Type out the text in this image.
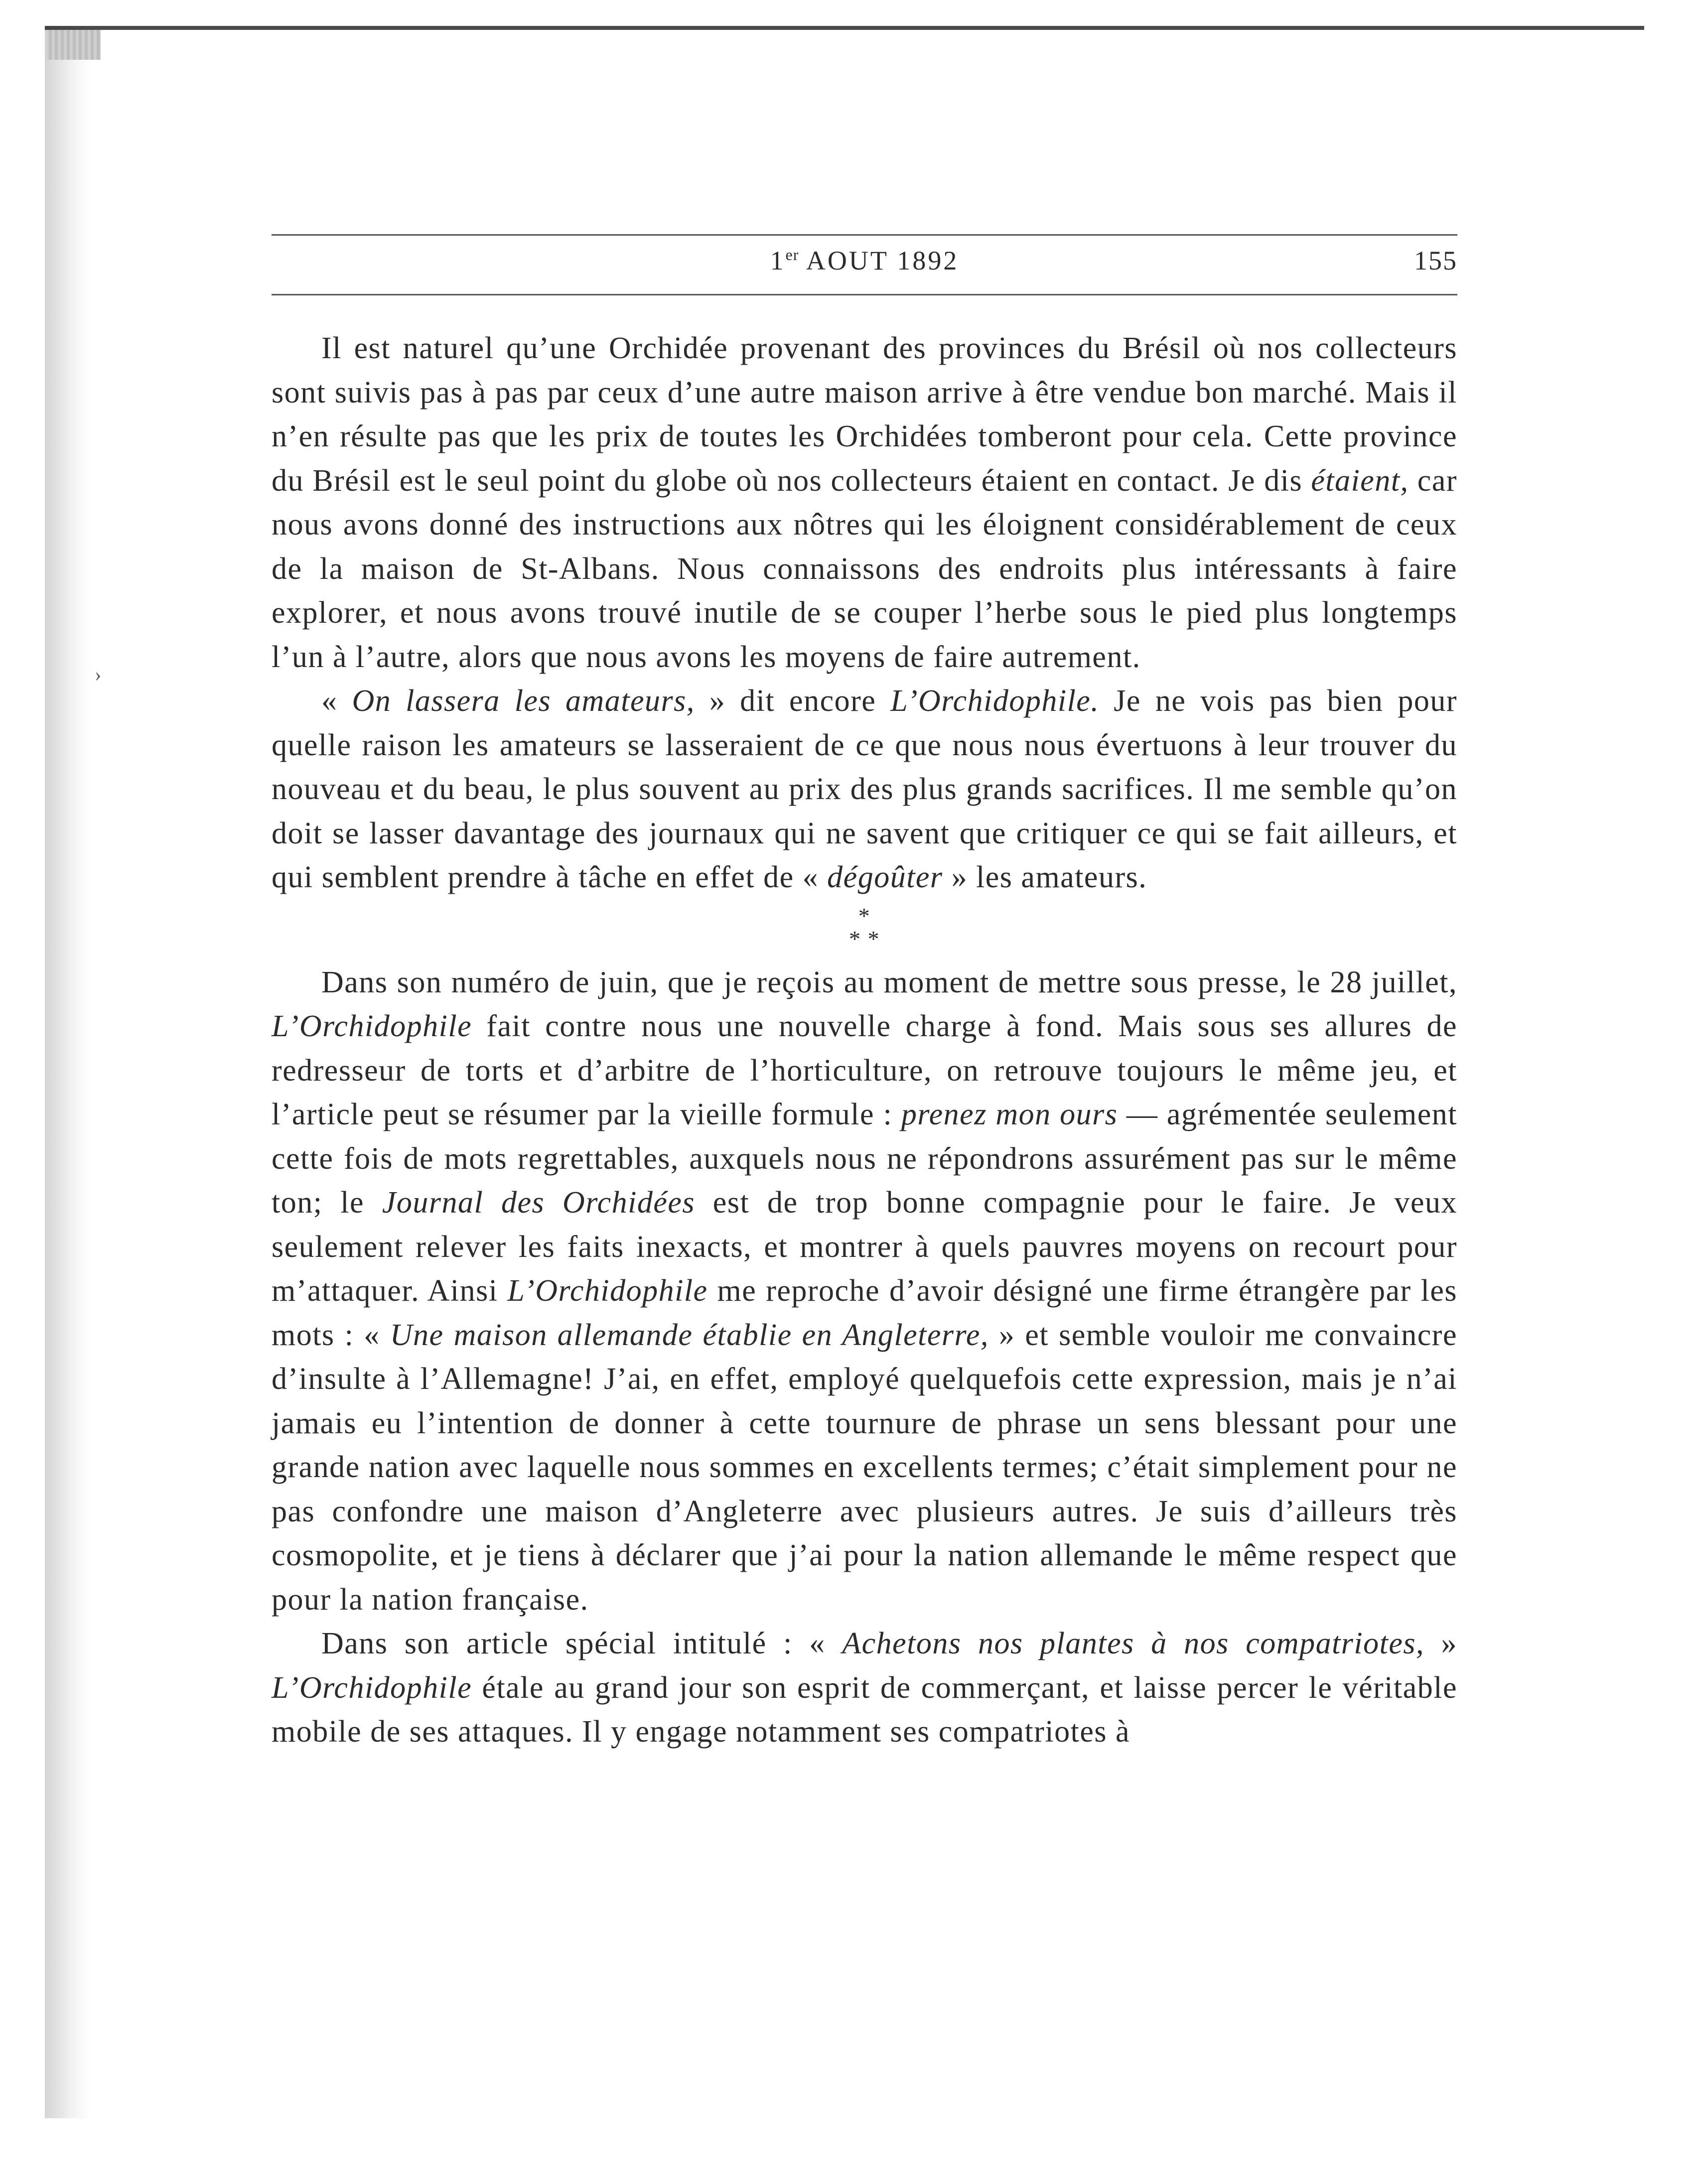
1er AOUT 1892	155

Il est naturel qu’une Orchidée provenant des provinces du Brésil où nos collecteurs sont suivis pas à pas par ceux d’une autre maison arrive à être vendue bon marché. Mais il n’en résulte pas que les prix de toutes les Orchidées tomberont pour cela. Cette province du Brésil est le seul point du globe où nos collecteurs étaient en contact. Je dis étaient, car nous avons donné des instructions aux nôtres qui les éloignent considérablement de ceux de la maison de St-Albans. Nous connaissons des endroits plus intéressants à faire explorer, et nous avons trouvé inutile de se couper l’herbe sous le pied plus longtemps l’un à l’autre, alors que nous avons les moyens de faire autrement.

« On lassera les amateurs, » dit encore L’Orchidophile. Je ne vois pas bien pour quelle raison les amateurs se lasseraient de ce que nous nous évertuons à leur trouver du nouveau et du beau, le plus souvent au prix des plus grands sacrifices. Il me semble qu’on doit se lasser davantage des journaux qui ne savent que critiquer ce qui se fait ailleurs, et qui semblent prendre à tâche en effet de « dégoûter » les amateurs.

*
* *

Dans son numéro de juin, que je reçois au moment de mettre sous presse, le 28 juillet, L’Orchidophile fait contre nous une nouvelle charge à fond. Mais sous ses allures de redresseur de torts et d’arbitre de l’horticulture, on retrouve toujours le même jeu, et l’article peut se résumer par la vieille formule : prenez mon ours — agrémentée seulement cette fois de mots regrettables, auxquels nous ne répondrons assurément pas sur le même ton; le Journal des Orchidées est de trop bonne compagnie pour le faire. Je veux seulement relever les faits inexacts, et montrer à quels pauvres moyens on recourt pour m’attaquer. Ainsi L’Orchidophile me reproche d’avoir désigné une firme étrangère par les mots : « Une maison allemande établie en Angleterre, » et semble vouloir me convaincre d’insulte à l’Allemagne! J’ai, en effet, employé quelquefois cette expression, mais je n’ai jamais eu l’intention de donner à cette tournure de phrase un sens blessant pour une grande nation avec laquelle nous sommes en excellents termes; c’était simplement pour ne pas confondre une maison d’Angleterre avec plusieurs autres. Je suis d’ailleurs très cosmopolite, et je tiens à déclarer que j’ai pour la nation allemande le même respect que pour la nation française.

Dans son article spécial intitulé : « Achetons nos plantes à nos compatriotes, » L’Orchidophile étale au grand jour son esprit de commerçant, et laisse percer le véritable mobile de ses attaques. Il y engage notamment ses compatriotes à

›
